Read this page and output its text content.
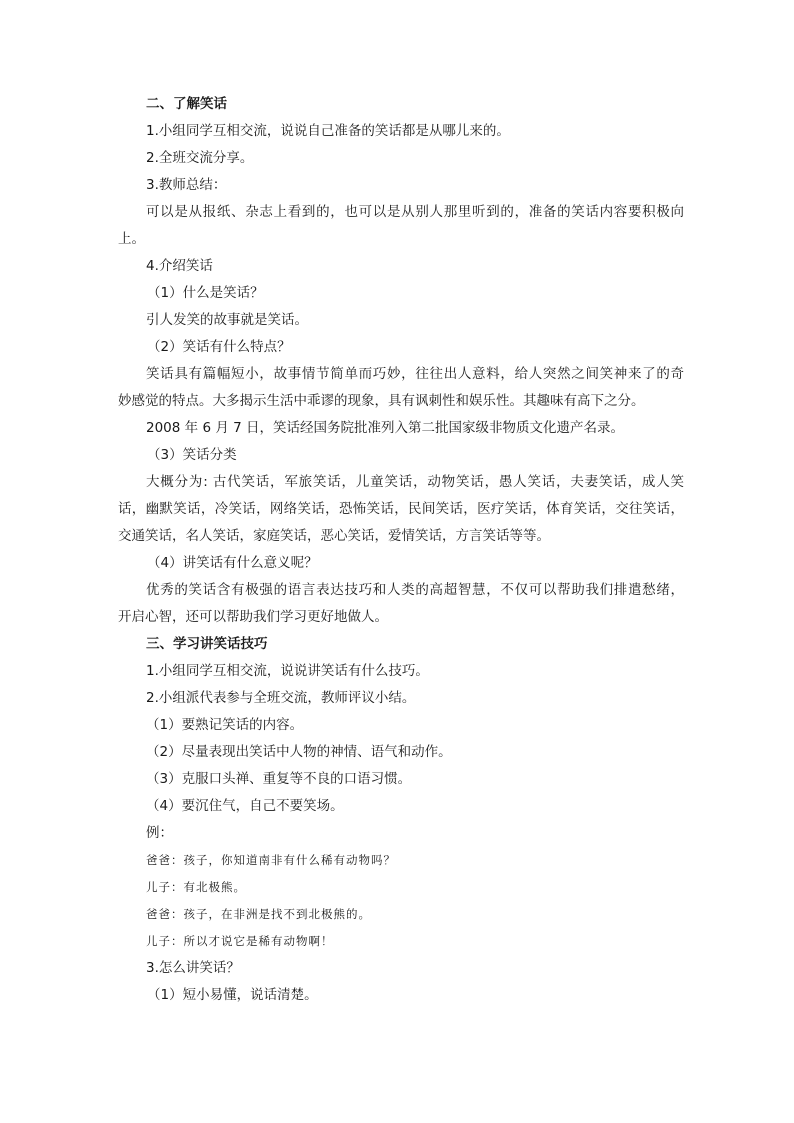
二、了解笑话
1.小组同学互相交流，说说自己准备的笑话都是从哪儿来的。
2.全班交流分享。
3.教师总结：
可以是从报纸、杂志上看到的，也可以是从别人那里听到的，准备的笑话内容要积极向
上。
4.介绍笑话
（1）什么是笑话？
引人发笑的故事就是笑话。
（2）笑话有什么特点？
笑话具有篇幅短小，故事情节简单而巧妙，往往出人意料，给人突然之间笑神来了的奇
妙感觉的特点。大多揭示生活中乖谬的现象，具有讽刺性和娱乐性。其趣味有高下之分。
2008 年 6 月 7 日，笑话经国务院批准列入第二批国家级非物质文化遗产名录。
（3）笑话分类
大概分为: 古代笑话，军旅笑话，儿童笑话，动物笑话，愚人笑话，夫妻笑话，成人笑
话，幽默笑话，冷笑话，网络笑话，恐怖笑话，民间笑话，医疗笑话，体育笑话，交往笑话，
交通笑话，名人笑话，家庭笑话，恶心笑话，爱情笑话，方言笑话等等。
（4）讲笑话有什么意义呢？
优秀的笑话含有极强的语言表达技巧和人类的高超智慧，不仅可以帮助我们排遣愁绪，
开启心智，还可以帮助我们学习更好地做人。
三、学习讲笑话技巧
1.小组同学互相交流，说说讲笑话有什么技巧。
2.小组派代表参与全班交流，教师评议小结。
（1）要熟记笑话的内容。
（2）尽量表现出笑话中人物的神情、语气和动作。
（3）克服口头禅、重复等不良的口语习惯。
（4）要沉住气，自己不要笑场。
例：
爸爸：孩子，你知道南非有什么稀有动物吗？
儿子：有北极熊。
爸爸：孩子，在非洲是找不到北极熊的。
儿子：所以才说它是稀有动物啊！
3.怎么讲笑话？
（1）短小易懂，说话清楚。
